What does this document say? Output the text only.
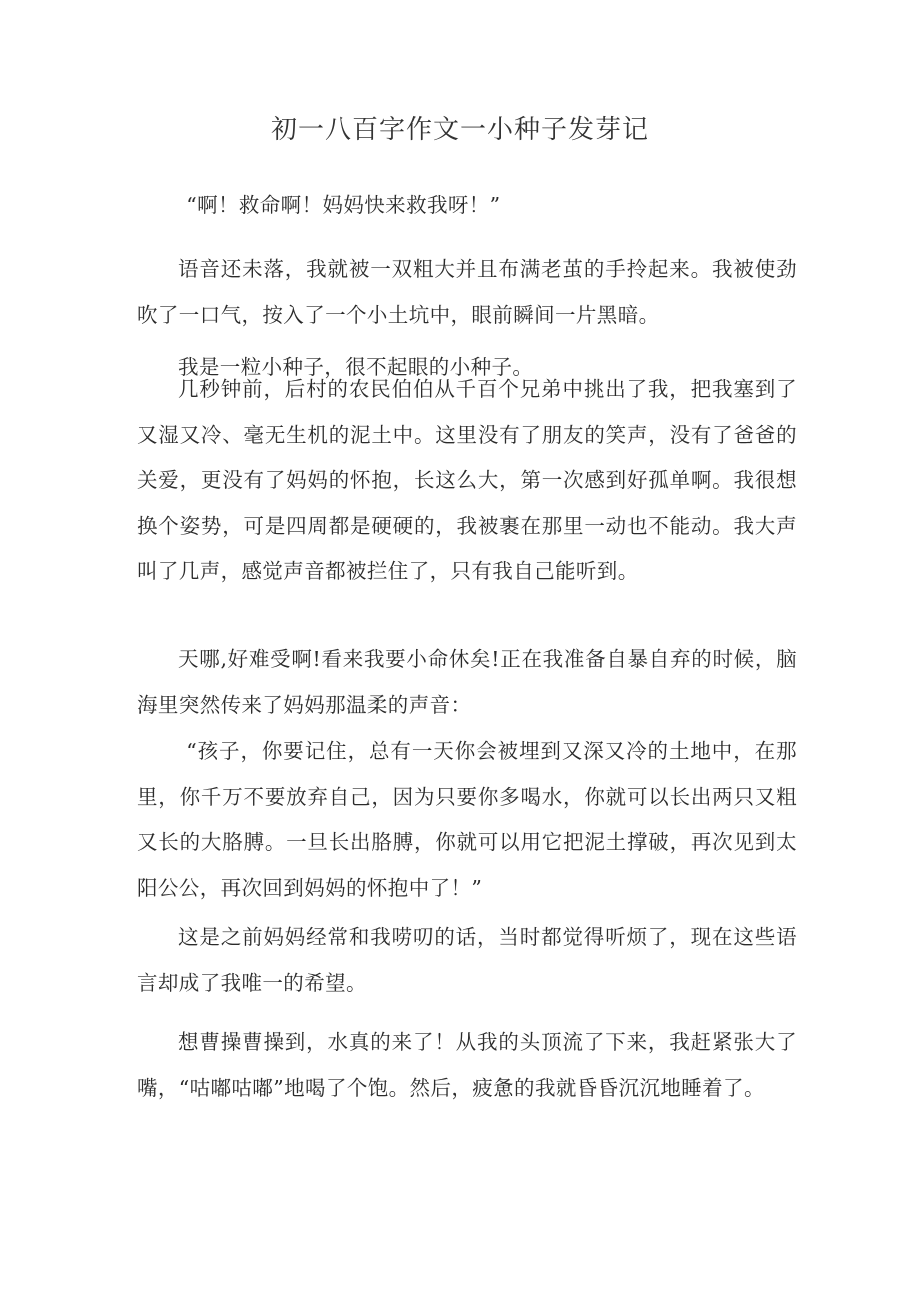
初一八百字作文一小种子发芽记

“啊！救命啊！妈妈快来救我呀！”

语音还未落，我就被一双粗大并且布满老茧的手拎起来。我被使劲吹了一口气，按入了一个小土坑中，眼前瞬间一片黑暗。

我是一粒小种子，很不起眼的小种子。

几秒钟前，后村的农民伯伯从千百个兄弟中挑出了我，把我塞到了又湿又冷、毫无生机的泥土中。这里没有了朋友的笑声，没有了爸爸的关爱，更没有了妈妈的怀抱，长这么大，第一次感到好孤单啊。我很想换个姿势，可是四周都是硬硬的，我被裹在那里一动也不能动。我大声叫了几声，感觉声音都被拦住了，只有我自己能听到。

天哪,好难受啊!看来我要小命休矣!正在我准备自暴自弃的时候，脑海里突然传来了妈妈那温柔的声音：

“孩子，你要记住，总有一天你会被埋到又深又冷的土地中，在那里，你千万不要放弃自己，因为只要你多喝水，你就可以长出两只又粗又长的大胳膊。一旦长出胳膊，你就可以用它把泥土撑破，再次见到太阳公公，再次回到妈妈的怀抱中了！”

这是之前妈妈经常和我唠叨的话，当时都觉得听烦了，现在这些语言却成了我唯一的希望。

想曹操曹操到，水真的来了！从我的头顶流了下来，我赶紧张大了嘴，“咕嘟咕嘟”地喝了个饱。然后，疲惫的我就昏昏沉沉地睡着了。
